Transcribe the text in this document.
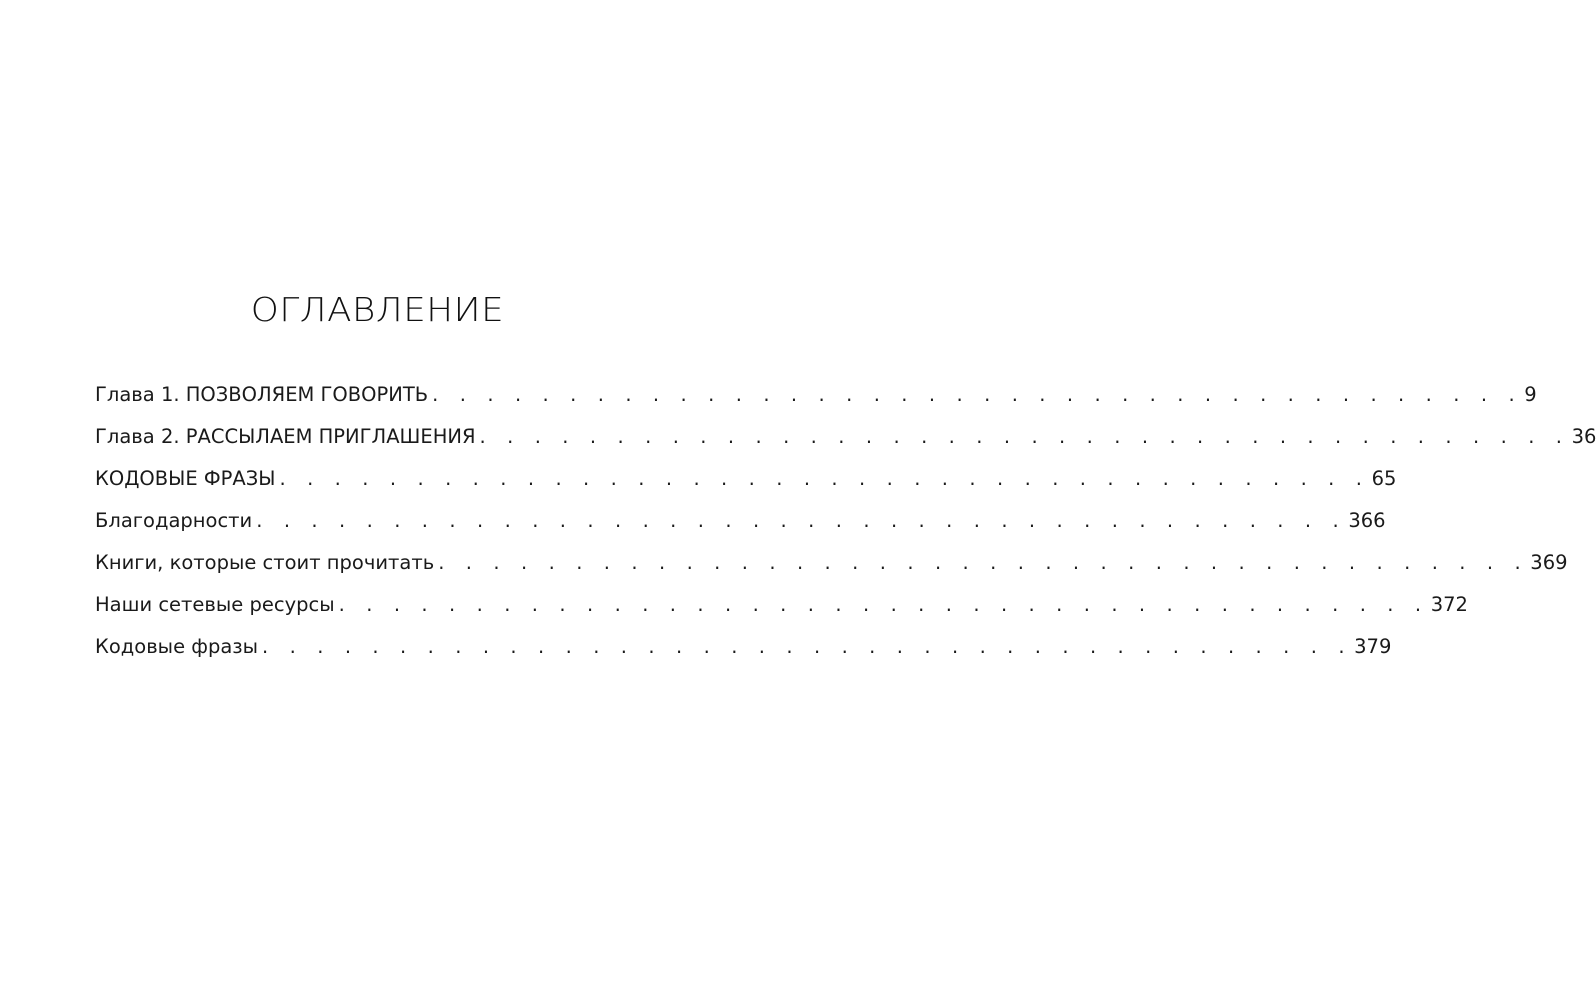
ОГЛАВЛЕНИЕ
Глава 1. ПОЗВОЛЯЕМ ГОВОРИТЬ . . . . . . . . . . . . . . . . . . . . . . . . . . . . . . . . . . . . . . . . 9
Глава 2. РАССЫЛАЕМ ПРИГЛАШЕНИЯ . . . . . . . . . . . . . . . . . . . . . . . . . . . . . . . . . . . . . . . . 36
КОДОВЫЕ ФРАЗЫ . . . . . . . . . . . . . . . . . . . . . . . . . . . . . . . . . . . . . . . . 65
Благодарности . . . . . . . . . . . . . . . . . . . . . . . . . . . . . . . . . . . . . . . . 366
Книги, которые стоит прочитать . . . . . . . . . . . . . . . . . . . . . . . . . . . . . . . . . . . . . . . . 369
Наши сетевые ресурсы . . . . . . . . . . . . . . . . . . . . . . . . . . . . . . . . . . . . . . . . 372
Кодовые фразы . . . . . . . . . . . . . . . . . . . . . . . . . . . . . . . . . . . . . . . . 379
